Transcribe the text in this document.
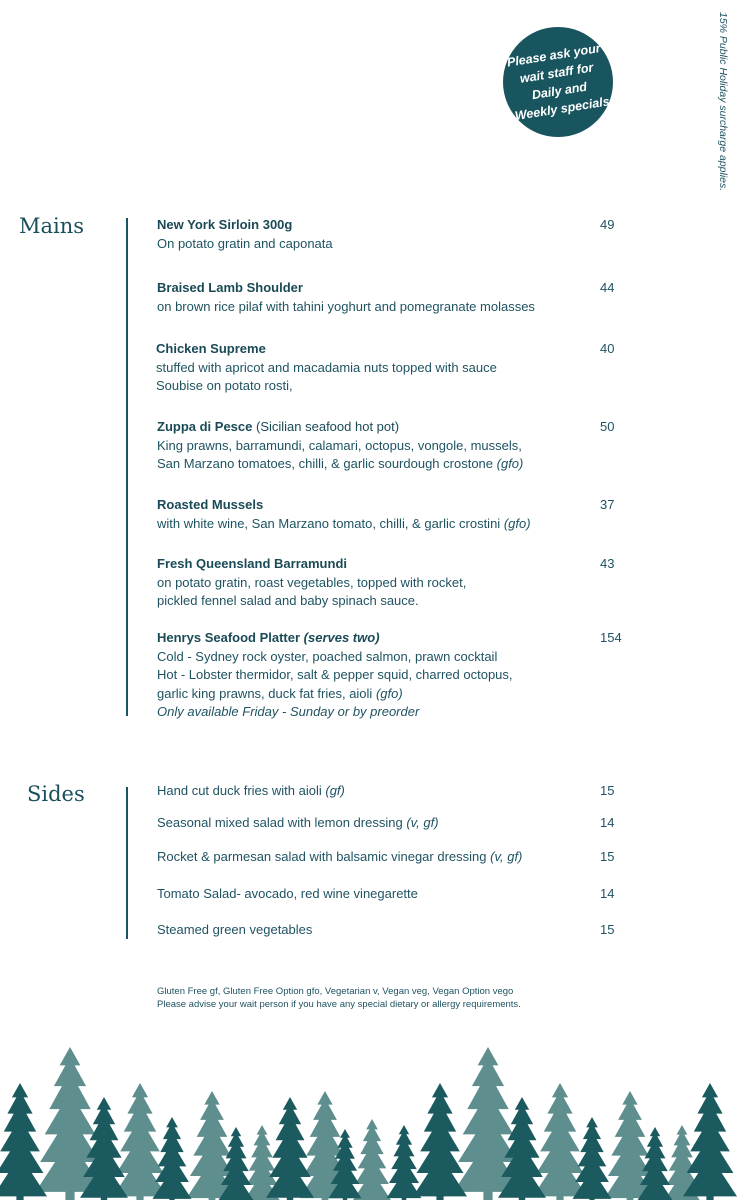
Please ask your wait staff for Daily and Weekly specials	15% Public Holiday surcharge applies.
Mains	New York Sirloin 300g
On potato gratin and caponata
49
Braised Lamb Shoulder
on brown rice pilaf with tahini yoghurt and pomegranate molasses
44
Chicken Supreme
stuffed with apricot and macadamia nuts topped with sauce
Soubise on potato rosti,
40
Zuppa di Pesce (Sicilian seafood hot pot)
King prawns, barramundi, calamari, octopus, vongole, mussels,
San Marzano tomatoes, chilli, & garlic sourdough crostone (gfo)
50
Roasted Mussels
with white wine, San Marzano tomato, chilli, & garlic crostini (gfo)
37
Fresh Queensland Barramundi
on potato gratin, roast vegetables, topped with rocket,
pickled fennel salad and baby spinach sauce.
43
Henrys Seafood Platter (serves two)
Cold - Sydney rock oyster, poached salmon, prawn cocktail
Hot - Lobster thermidor, salt & pepper squid, charred octopus,
garlic king prawns, duck fat fries, aioli (gfo)
Only available Friday - Sunday or by preorder
154
Sides	Hand cut duck fries with aioli (gf)	15
Seasonal mixed salad with lemon dressing (v, gf)	14
Rocket & parmesan salad with balsamic vinegar dressing (v, gf)	15
Tomato Salad- avocado, red wine vinegarette	14
Steamed green vegetables	15
Gluten Free gf, Gluten Free Option gfo, Vegetarian v, Vegan veg, Vegan Option vego
Please advise your wait person if you have any special dietary or allergy requirements.
